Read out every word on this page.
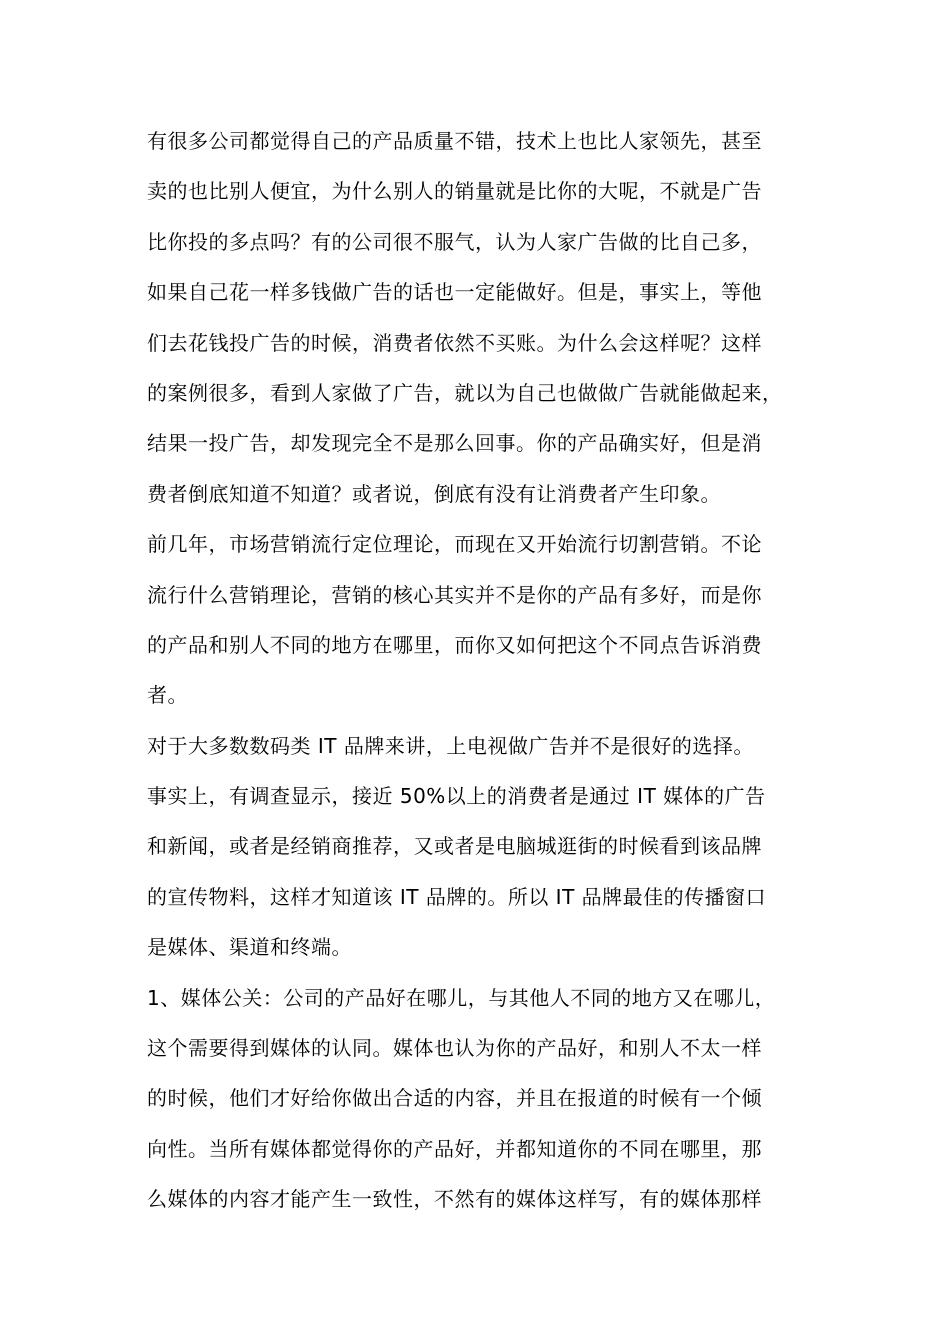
有很多公司都觉得自己的产品质量不错，技术上也比人家领先，甚至
卖的也比别人便宜，为什么别人的销量就是比你的大呢，不就是广告
比你投的多点吗？有的公司很不服气，认为人家广告做的比自己多，
如果自己花一样多钱做广告的话也一定能做好。但是，事实上，等他
们去花钱投广告的时候，消费者依然不买账。为什么会这样呢？这样
的案例很多，看到人家做了广告，就以为自己也做做广告就能做起来，
结果一投广告，却发现完全不是那么回事。你的产品确实好，但是消
费者倒底知道不知道？或者说，倒底有没有让消费者产生印象。
前几年，市场营销流行定位理论，而现在又开始流行切割营销。不论
流行什么营销理论，营销的核心其实并不是你的产品有多好，而是你
的产品和别人不同的地方在哪里，而你又如何把这个不同点告诉消费
者。
对于大多数数码类 IT 品牌来讲，上电视做广告并不是很好的选择。
事实上，有调查显示，接近 50%以上的消费者是通过 IT 媒体的广告
和新闻，或者是经销商推荐，又或者是电脑城逛街的时候看到该品牌
的宣传物料，这样才知道该 IT 品牌的。所以 IT 品牌最佳的传播窗口
是媒体、渠道和终端。
1、媒体公关：公司的产品好在哪儿，与其他人不同的地方又在哪儿，
这个需要得到媒体的认同。媒体也认为你的产品好，和别人不太一样
的时候，他们才好给你做出合适的内容，并且在报道的时候有一个倾
向性。当所有媒体都觉得你的产品好，并都知道你的不同在哪里，那
么媒体的内容才能产生一致性，不然有的媒体这样写，有的媒体那样
